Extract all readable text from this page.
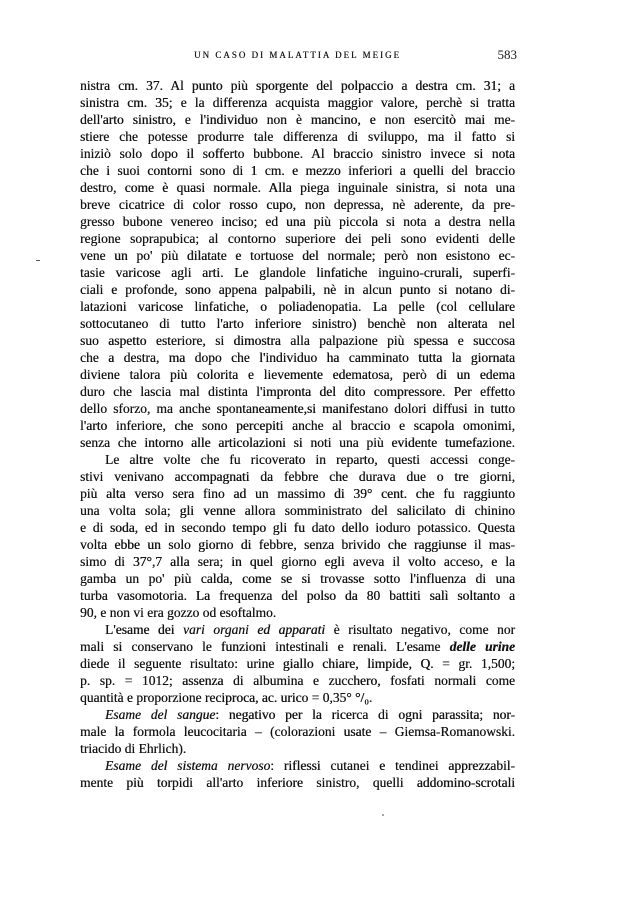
UN CASO DI MALATTIA DEL MEIGE	583
nistra cm. 37. Al punto più sporgente del polpaccio a destra cm. 31; a
sinistra cm. 35; e la differenza acquista maggior valore, perchè si tratta
dell'arto sinistro, e l'individuo non è mancino, e non esercitò mai me-
stiere che potesse produrre tale differenza di sviluppo, ma il fatto si
iniziò solo dopo il sofferto bubbone. Al braccio sinistro invece si nota
che i suoi contorni sono di 1 cm. e mezzo inferiori a quelli del braccio
destro, come è quasi normale. Alla piega inguinale sinistra, si nota una
breve cicatrice di color rosso cupo, non depressa, nè aderente, da pre-
gresso bubone venereo inciso; ed una più piccola si nota a destra nella
regione soprapubica; al contorno superiore dei peli sono evidenti delle
vene un po' più dilatate e tortuose del normale; però non esistono ec-
tasie varicose agli arti. Le glandole linfatiche inguino-crurali, superfi-
ciali e profonde, sono appena palpabili, nè in alcun punto si notano di-
latazioni varicose linfatiche, o poliadenopatia. La pelle (col cellulare
sottocutaneo di tutto l'arto inferiore sinistro) benchè non alterata nel
suo aspetto esteriore, si dimostra alla palpazione più spessa e succosa
che a destra, ma dopo che l'individuo ha camminato tutta la giornata
diviene talora più colorita e lievemente edematosa, però di un edema
duro che lascia mal distinta l'impronta del dito compressore. Per effetto
dello sforzo, ma anche spontaneamente,si manifestano dolori diffusi in tutto
l'arto inferiore, che sono percepiti anche al braccio e scapola omonimi,
senza che intorno alle articolazioni si noti una più evidente tumefazione.
Le altre volte che fu ricoverato in reparto, questi accessi conge-
stivi venivano accompagnati da febbre che durava due o tre giorni,
più alta verso sera fino ad un massimo di 39° cent. che fu raggiunto
una volta sola; gli venne allora somministrato del salicilato di chinino
e di soda, ed in secondo tempo gli fu dato dello ioduro potassico. Questa
volta ebbe un solo giorno di febbre, senza brivido che raggiunse il mas-
simo di 37°,7 alla sera; in quel giorno egli aveva il volto acceso, e la
gamba un po' più calda, come se si trovasse sotto l'influenza di una
turba vasomotoria. La frequenza del polso da 80 battiti salì soltanto a
90, e non vi era gozzo od esoftalmo.
L'esame dei vari organi ed apparati è risultato negativo, come nor
mali si conservano le funzioni intestinali e renali. L'esame delle urine
diede il seguente risultato: urine giallo chiare, limpide, Q. = gr. 1,500;
p. sp. = 1012; assenza di albumina e zucchero, fosfati normali come
quantità e proporzione reciproca, ac. urico = 0,35° °/₀.
Esame del sangue: negativo per la ricerca di ogni parassita; nor-
male la formola leucocitaria – (colorazioni usate – Giemsa-Romanowski.
triacido di Ehrlich).
Esame del sistema nervoso: riflessi cutanei e tendinei apprezzabil-
mente più torpidi all'arto inferiore sinistro, quelli addomino-scrotali
